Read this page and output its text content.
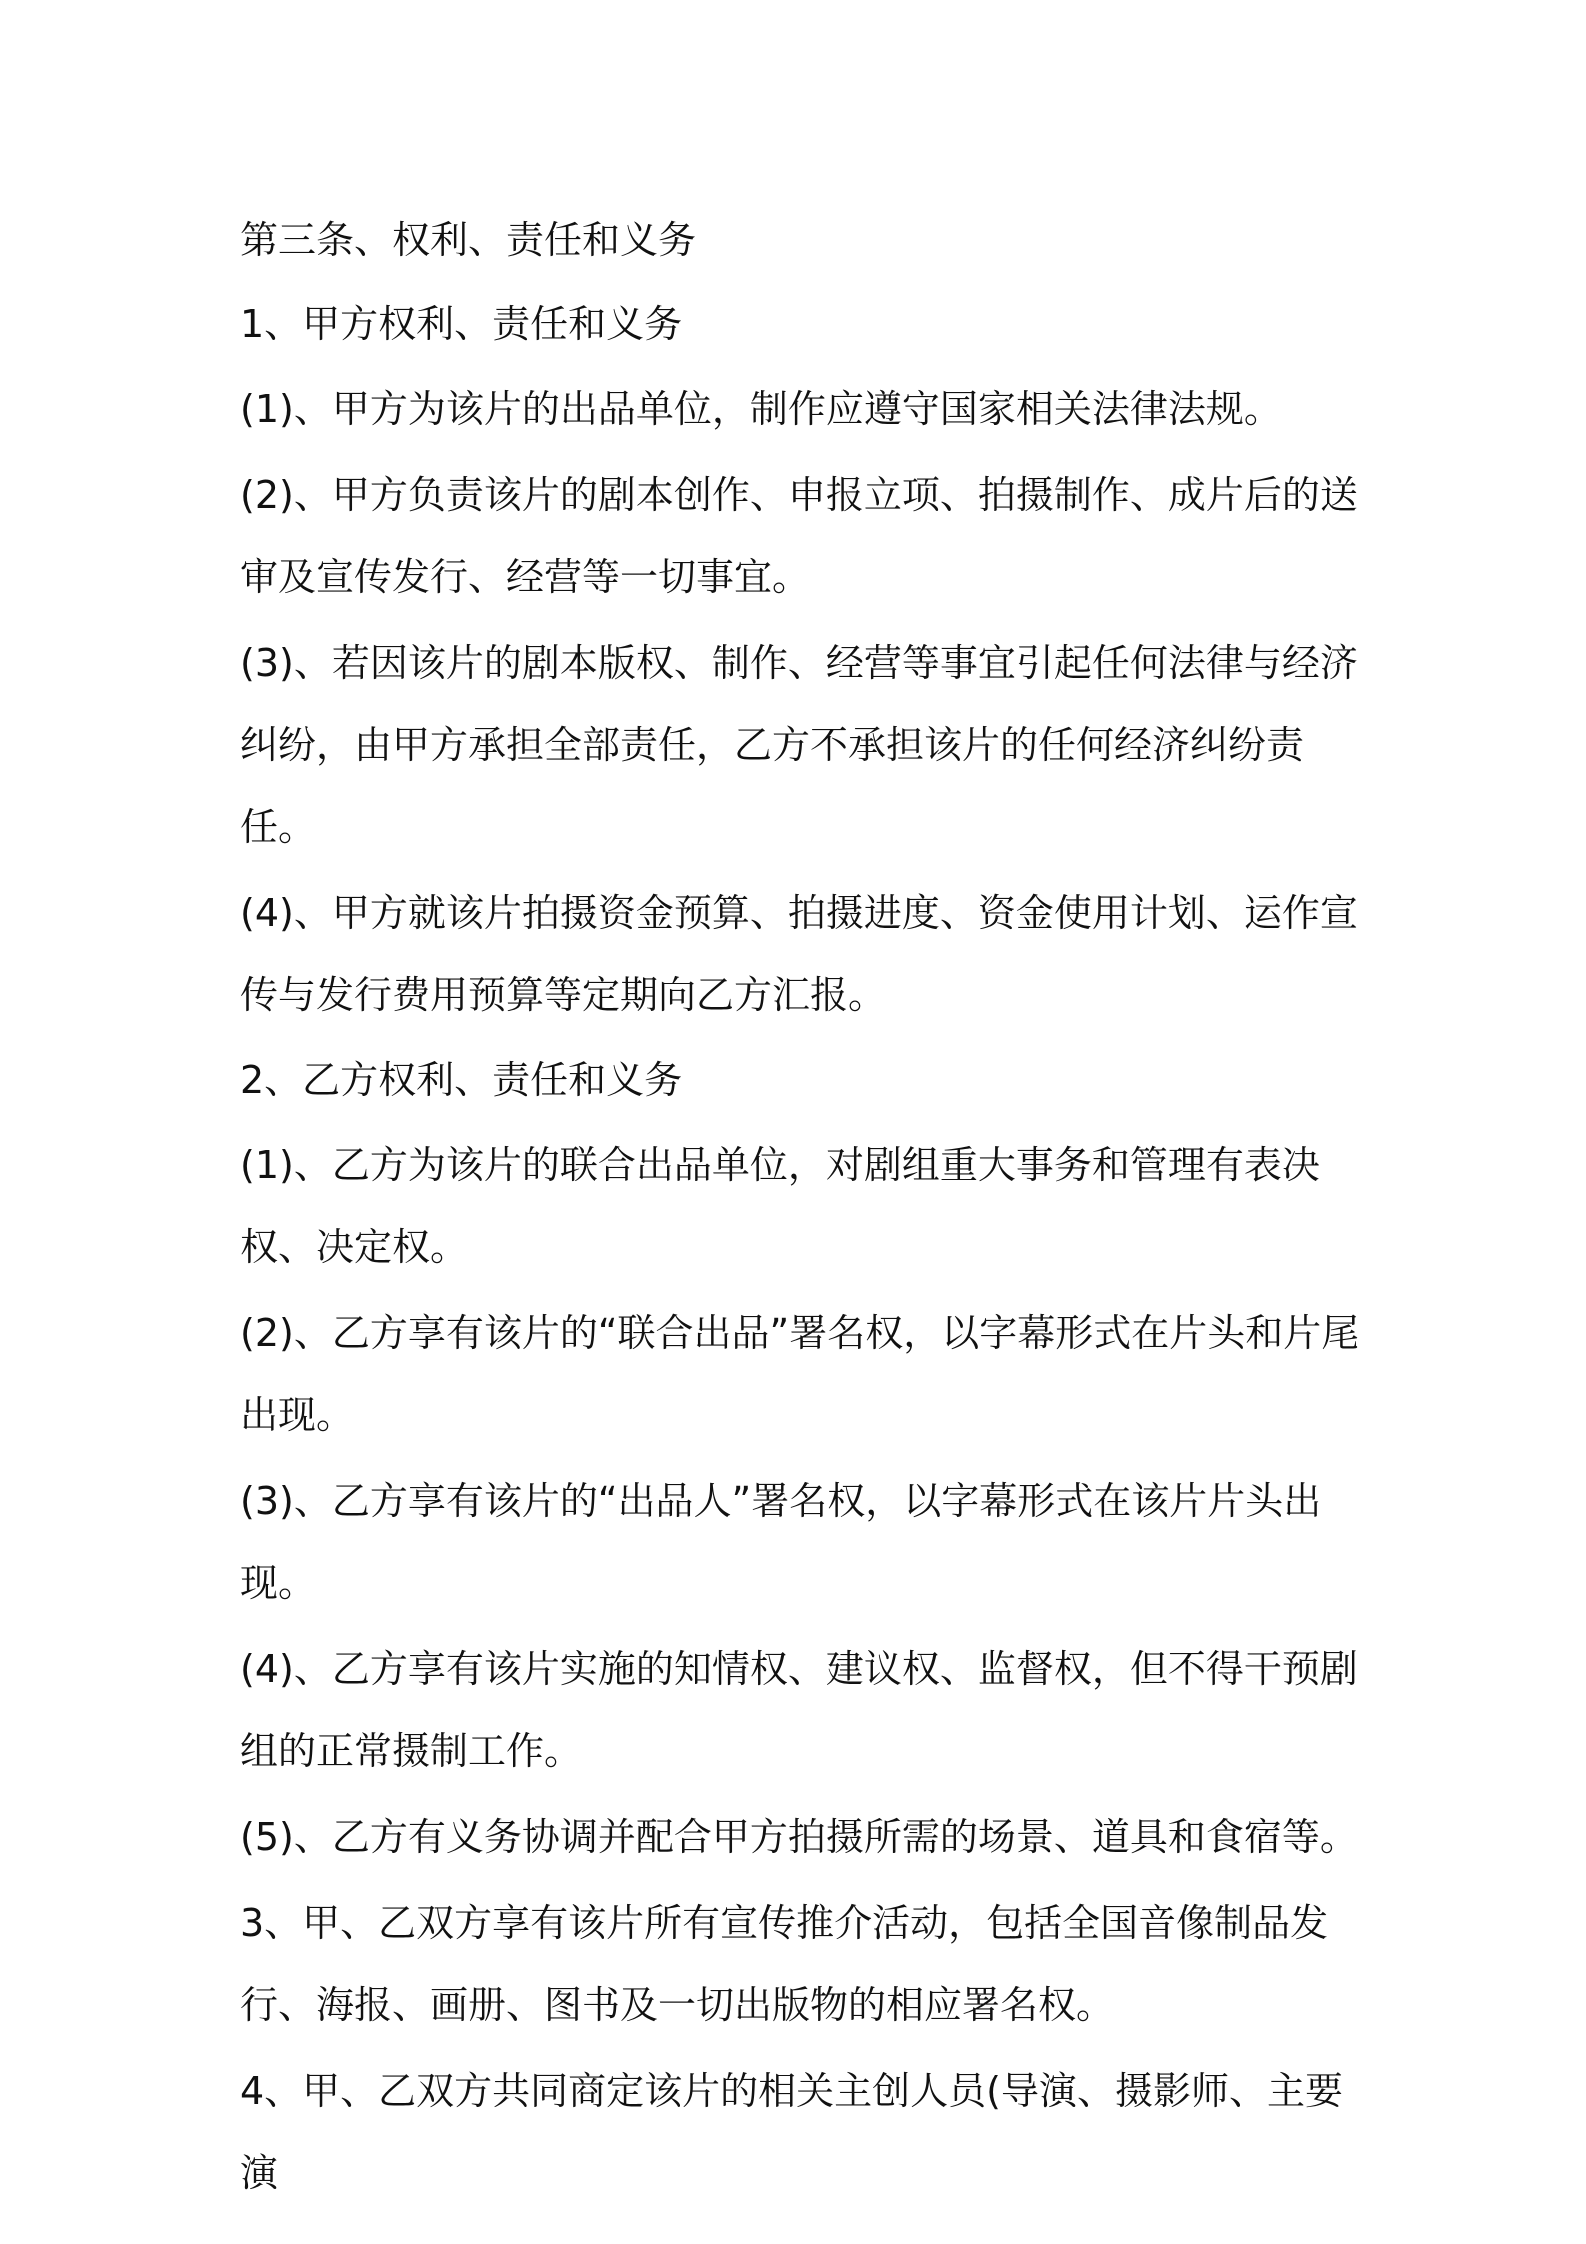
第三条、权利、责任和义务

1、甲方权利、责任和义务

(1)、甲方为该片的出品单位，制作应遵守国家相关法律法规。

(2)、甲方负责该片的剧本创作、申报立项、拍摄制作、成片后的送审及宣传发行、经营等一切事宜。

(3)、若因该片的剧本版权、制作、经营等事宜引起任何法律与经济纠纷，由甲方承担全部责任，乙方不承担该片的任何经济纠纷责任。

(4)、甲方就该片拍摄资金预算、拍摄进度、资金使用计划、运作宣传与发行费用预算等定期向乙方汇报。

2、乙方权利、责任和义务

(1)、乙方为该片的联合出品单位，对剧组重大事务和管理有表决权、决定权。

(2)、乙方享有该片的“联合出品”署名权，以字幕形式在片头和片尾出现。

(3)、乙方享有该片的“出品人”署名权，以字幕形式在该片片头出现。

(4)、乙方享有该片实施的知情权、建议权、监督权，但不得干预剧组的正常摄制工作。

(5)、乙方有义务协调并配合甲方拍摄所需的场景、道具和食宿等。

3、甲、乙双方享有该片所有宣传推介活动，包括全国音像制品发行、海报、画册、图书及一切出版物的相应署名权。

4、甲、乙双方共同商定该片的相关主创人员(导演、摄影师、主要演
